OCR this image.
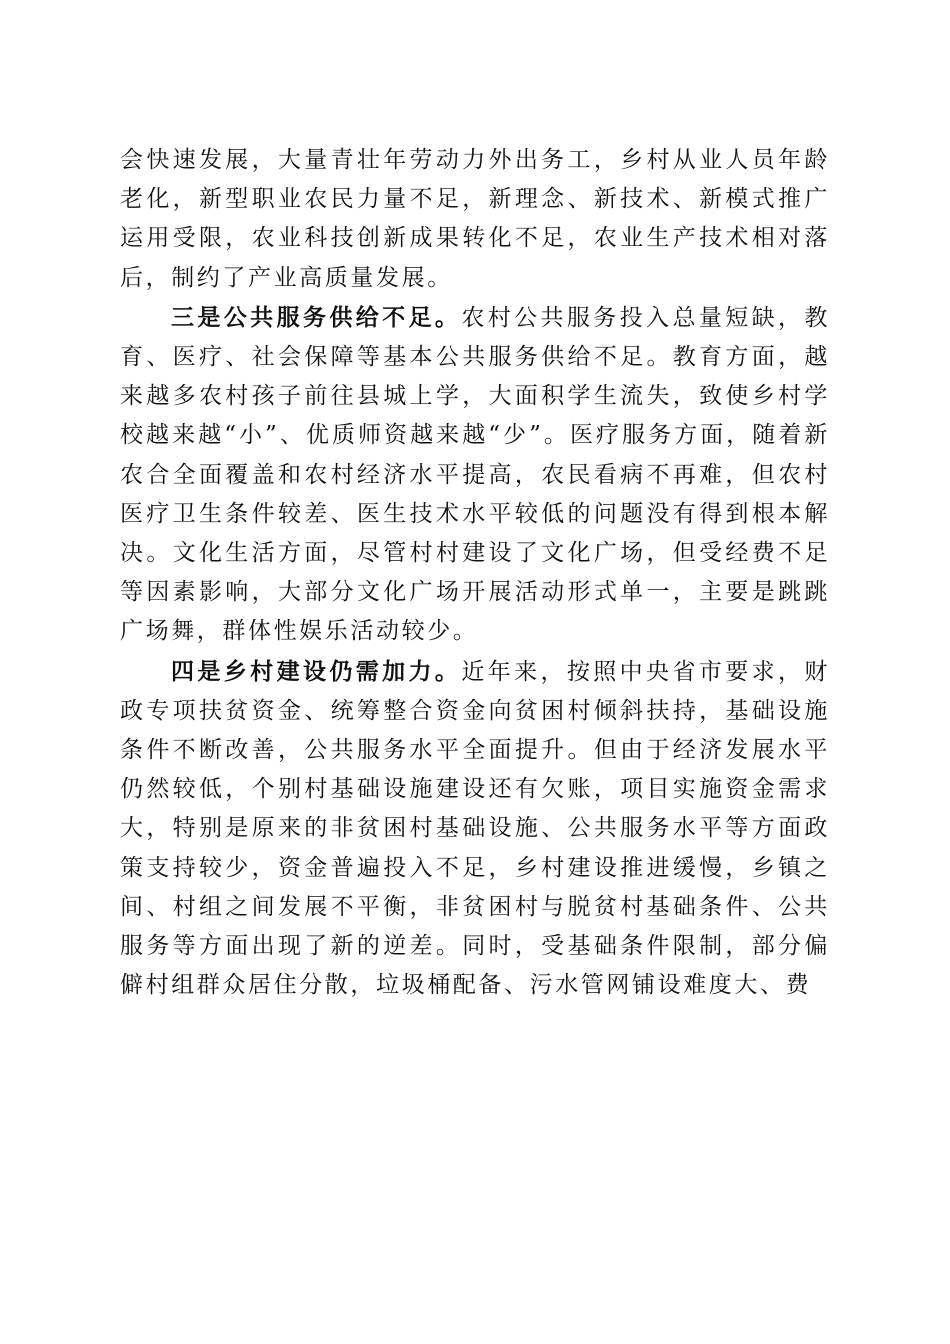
会快速发展，大量青壮年劳动力外出务工，乡村从业人员年龄老化，新型职业农民力量不足，新理念、新技术、新模式推广运用受限，农业科技创新成果转化不足，农业生产技术相对落后，制约了产业高质量发展。

三是公共服务供给不足。农村公共服务投入总量短缺，教育、医疗、社会保障等基本公共服务供给不足。教育方面，越来越多农村孩子前往县城上学，大面积学生流失，致使乡村学校越来越“小”、优质师资越来越“少”。医疗服务方面，随着新农合全面覆盖和农村经济水平提高，农民看病不再难，但农村医疗卫生条件较差、医生技术水平较低的问题没有得到根本解决。文化生活方面，尽管村村建设了文化广场，但受经费不足等因素影响，大部分文化广场开展活动形式单一，主要是跳跳广场舞，群体性娱乐活动较少。

四是乡村建设仍需加力。近年来，按照中央省市要求，财政专项扶贫资金、统筹整合资金向贫困村倾斜扶持，基础设施条件不断改善，公共服务水平全面提升。但由于经济发展水平仍然较低，个别村基础设施建设还有欠账，项目实施资金需求大，特别是原来的非贫困村基础设施、公共服务水平等方面政策支持较少，资金普遍投入不足，乡村建设推进缓慢，乡镇之间、村组之间发展不平衡，非贫困村与脱贫村基础条件、公共服务等方面出现了新的逆差。同时，受基础条件限制，部分偏僻村组群众居住分散，垃圾桶配备、污水管网铺设难度大、费
